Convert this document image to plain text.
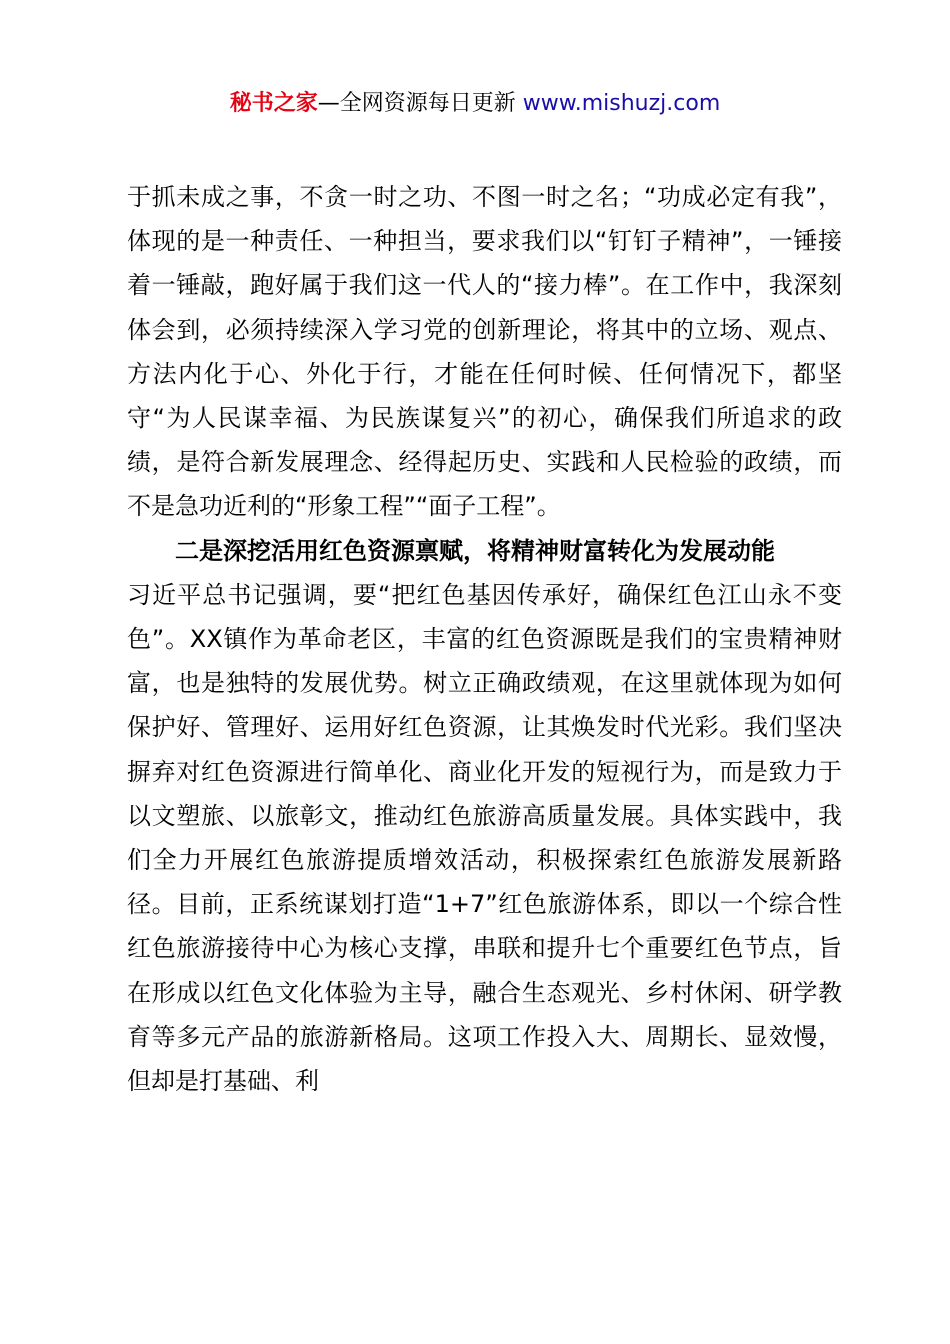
秘书之家—全网资源每日更新 www.mishuzj.com

于抓未成之事，不贪一时之功、不图一时之名；“功成必定有我”，体现的是一种责任、一种担当，要求我们以“钉钉子精神”，一锤接着一锤敲，跑好属于我们这一代人的“接力棒”。在工作中，我深刻体会到，必须持续深入学习党的创新理论，将其中的立场、观点、方法内化于心、外化于行，才能在任何时候、任何情况下，都坚守“为人民谋幸福、为民族谋复兴”的初心，确保我们所追求的政绩，是符合新发展理念、经得起历史、实践和人民检验的政绩，而不是急功近利的“形象工程”“面子工程”。

二是深挖活用红色资源禀赋，将精神财富转化为发展动能

习近平总书记强调，要“把红色基因传承好，确保红色江山永不变色”。XX镇作为革命老区，丰富的红色资源既是我们的宝贵精神财富，也是独特的发展优势。树立正确政绩观，在这里就体现为如何保护好、管理好、运用好红色资源，让其焕发时代光彩。我们坚决摒弃对红色资源进行简单化、商业化开发的短视行为，而是致力于以文塑旅、以旅彰文，推动红色旅游高质量发展。具体实践中，我们全力开展红色旅游提质增效活动，积极探索红色旅游发展新路径。目前，正系统谋划打造“1+7”红色旅游体系，即以一个综合性红色旅游接待中心为核心支撑，串联和提升七个重要红色节点，旨在形成以红色文化体验为主导，融合生态观光、乡村休闲、研学教育等多元产品的旅游新格局。这项工作投入大、周期长、显效慢，但却是打基础、利
